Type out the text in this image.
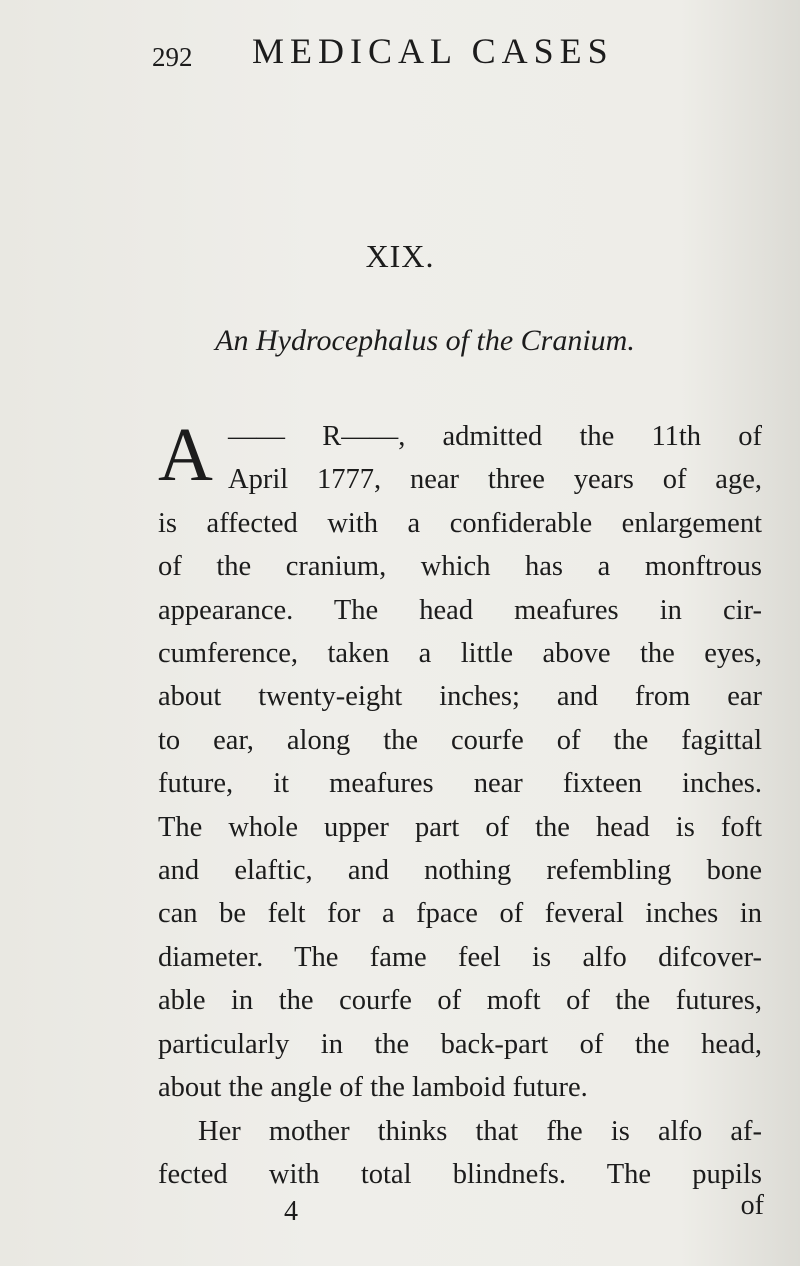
292 MEDICAL CASES
XIX.
An Hydrocephalus of the Cranium.
A —— R——, admitted the 11th of
April 1777, near three years of age,
is affected with a confiderable enlargement
of the cranium, which has a monftrous
appearance. The head meafures in cir-
cumference, taken a little above the eyes,
about twenty-eight inches; and from ear
to ear, along the courfe of the fagittal
future, it meafures near fixteen inches.
The whole upper part of the head is foft
and elaftic, and nothing refembling bone
can be felt for a fpace of feveral inches in
diameter. The fame feel is alfo difcover-
able in the courfe of moft of the futures,
particularly in the back-part of the head,
about the angle of the lamboid future.
Her mother thinks that fhe is alfo af-
fected with total blindnefs. The pupils
4	of
